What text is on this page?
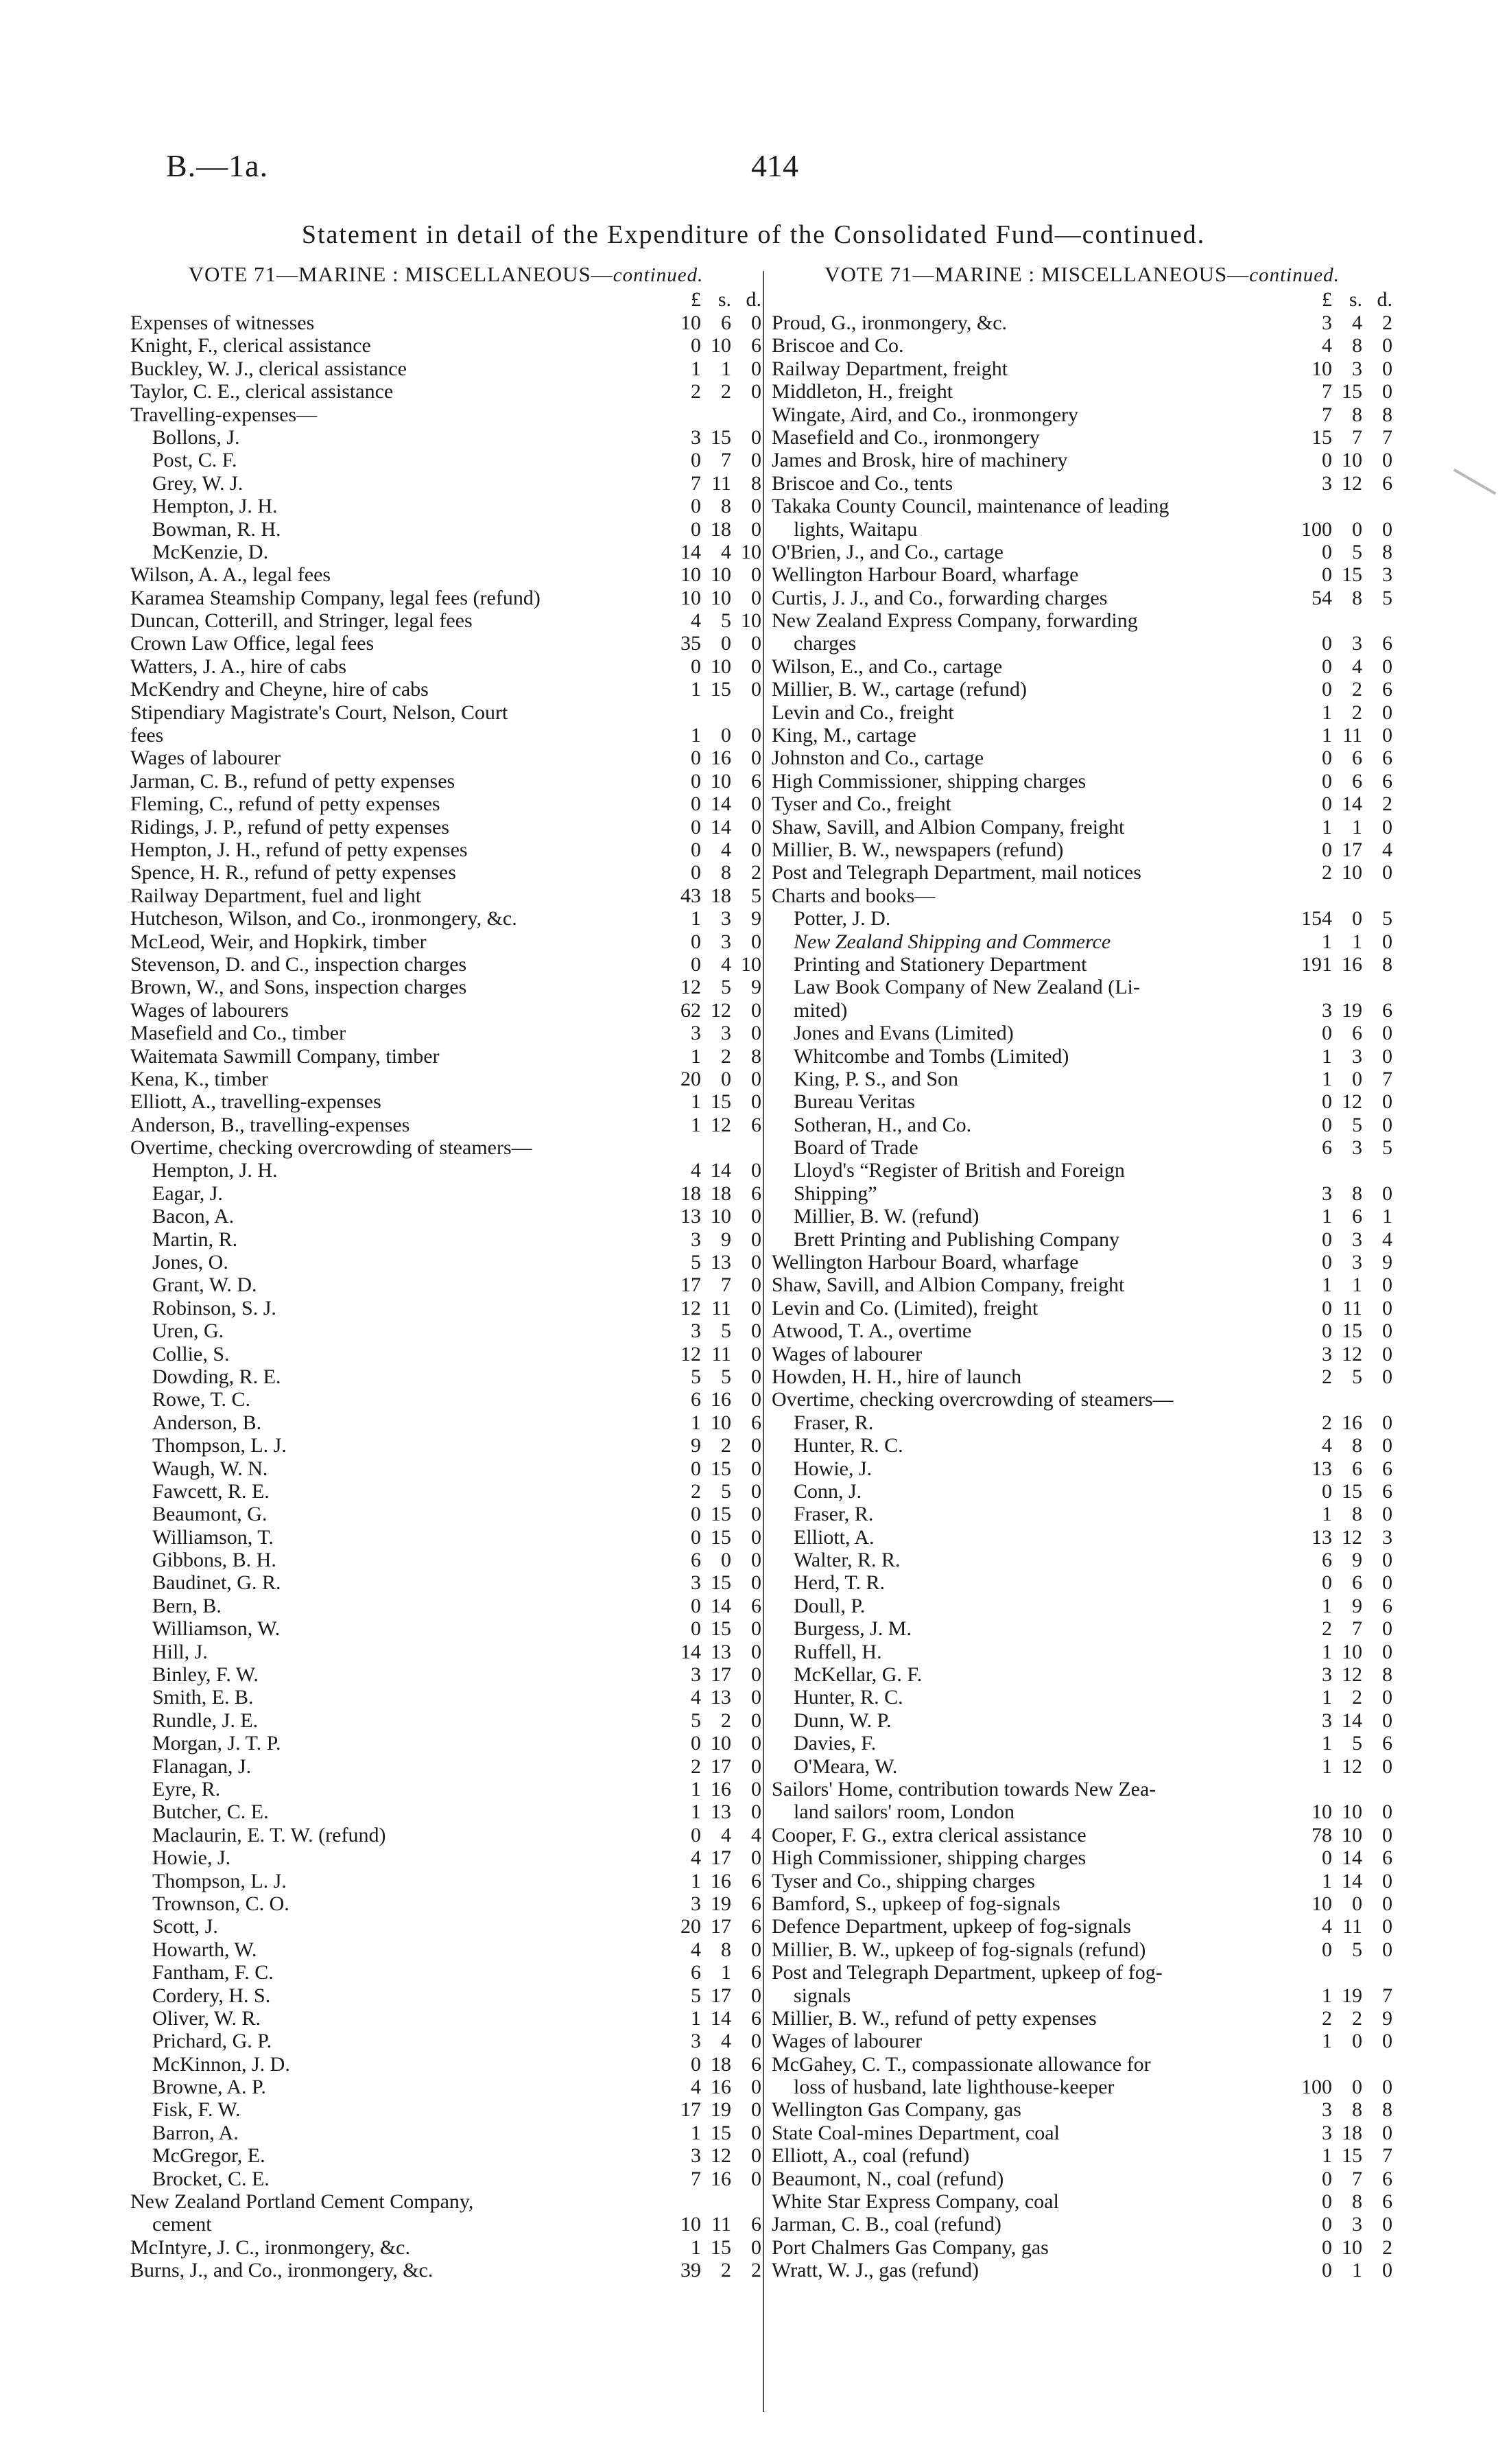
B.—1a.	414
Statement in detail of the Expenditure of the Consolidated Fund—continued.
VOTE 71—MARINE : MISCELLANEOUS—continued.
£ s. d.
Expenses of witnesses	10 6 0
Knight, F., clerical assistance	0 10 6
Buckley, W. J., clerical assistance	1 1 0
Taylor, C. E., clerical assistance	2 2 0
Travelling-expenses—
Bollons, J.	3 15 0
Post, C. F.	0 7 0
Grey, W. J.	7 11 8
Hempton, J. H.	0 8 0
Bowman, R. H.	0 18 0
McKenzie, D.	14 4 10
Wilson, A. A., legal fees	10 10 0
Karamea Steamship Company, legal fees (refund)	10 10 0
Duncan, Cotterill, and Stringer, legal fees	4 5 10
Crown Law Office, legal fees	35 0 0
Watters, J. A., hire of cabs	0 10 0
McKendry and Cheyne, hire of cabs	1 15 0
Stipendiary Magistrate's Court, Nelson, Court
fees	1 0 0
Wages of labourer	0 16 0
Jarman, C. B., refund of petty expenses	0 10 6
Fleming, C., refund of petty expenses	0 14 0
Ridings, J. P., refund of petty expenses	0 14 0
Hempton, J. H., refund of petty expenses	0 4 0
Spence, H. R., refund of petty expenses	0 8 2
Railway Department, fuel and light	43 18 5
Hutcheson, Wilson, and Co., ironmongery, &c.	1 3 9
McLeod, Weir, and Hopkirk, timber	0 3 0
Stevenson, D. and C., inspection charges	0 4 10
Brown, W., and Sons, inspection charges	12 5 9
Wages of labourers	62 12 0
Masefield and Co., timber	3 3 0
Waitemata Sawmill Company, timber	1 2 8
Kena, K., timber	20 0 0
Elliott, A., travelling-expenses	1 15 0
Anderson, B., travelling-expenses	1 12 6
Overtime, checking overcrowding of steamers—
Hempton, J. H.	4 14 0
Eagar, J.	18 18 6
Bacon, A.	13 10 0
Martin, R.	3 9 0
Jones, O.	5 13 0
Grant, W. D.	17 7 0
Robinson, S. J.	12 11 0
Uren, G.	3 5 0
Collie, S.	12 11 0
Dowding, R. E.	5 5 0
Rowe, T. C.	6 16 0
Anderson, B.	1 10 6
Thompson, L. J.	9 2 0
Waugh, W. N.	0 15 0
Fawcett, R. E.	2 5 0
Beaumont, G.	0 15 0
Williamson, T.	0 15 0
Gibbons, B. H.	6 0 0
Baudinet, G. R.	3 15 0
Bern, B.	0 14 6
Williamson, W.	0 15 0
Hill, J.	14 13 0
Binley, F. W.	3 17 0
Smith, E. B.	4 13 0
Rundle, J. E.	5 2 0
Morgan, J. T. P.	0 10 0
Flanagan, J.	2 17 0
Eyre, R.	1 16 0
Butcher, C. E.	1 13 0
Maclaurin, E. T. W. (refund)	0 4 4
Howie, J.	4 17 0
Thompson, L. J.	1 16 6
Trownson, C. O.	3 19 6
Scott, J.	20 17 6
Howarth, W.	4 8 0
Fantham, F. C.	6 1 6
Cordery, H. S.	5 17 0
Oliver, W. R.	1 14 6
Prichard, G. P.	3 4 0
McKinnon, J. D.	0 18 6
Browne, A. P.	4 16 0
Fisk, F. W.	17 19 0
Barron, A.	1 15 0
McGregor, E.	3 12 0
Brocket, C. E.	7 16 0
New Zealand Portland Cement Company,
cement	10 11 6
McIntyre, J. C., ironmongery, &c.	1 15 0
Burns, J., and Co., ironmongery, &c.	39 2 2
VOTE 71—MARINE : MISCELLANEOUS—continued.
£ s. d.
Proud, G., ironmongery, &c.	3 4 2
Briscoe and Co.	4 8 0
Railway Department, freight	10 3 0
Middleton, H., freight	7 15 0
Wingate, Aird, and Co., ironmongery	7 8 8
Masefield and Co., ironmongery	15 7 7
James and Brosk, hire of machinery	0 10 0
Briscoe and Co., tents	3 12 6
Takaka County Council, maintenance of leading
lights, Waitapu	100 0 0
O'Brien, J., and Co., cartage	0 5 8
Wellington Harbour Board, wharfage	0 15 3
Curtis, J. J., and Co., forwarding charges	54 8 5
New Zealand Express Company, forwarding
charges	0 3 6
Wilson, E., and Co., cartage	0 4 0
Millier, B. W., cartage (refund)	0 2 6
Levin and Co., freight	1 2 0
King, M., cartage	1 11 0
Johnston and Co., cartage	0 6 6
High Commissioner, shipping charges	0 6 6
Tyser and Co., freight	0 14 2
Shaw, Savill, and Albion Company, freight	1 1 0
Millier, B. W., newspapers (refund)	0 17 4
Post and Telegraph Department, mail notices	2 10 0
Charts and books—
Potter, J. D.	154 0 5
New Zealand Shipping and Commerce	1 1 0
Printing and Stationery Department	191 16 8
Law Book Company of New Zealand (Li-
mited)	3 19 6
Jones and Evans (Limited)	0 6 0
Whitcombe and Tombs (Limited)	1 3 0
King, P. S., and Son	1 0 7
Bureau Veritas	0 12 0
Sotheran, H., and Co.	0 5 0
Board of Trade	6 3 5
Lloyd's “Register of British and Foreign
Shipping”	3 8 0
Millier, B. W. (refund)	1 6 1
Brett Printing and Publishing Company	0 3 4
Wellington Harbour Board, wharfage	0 3 9
Shaw, Savill, and Albion Company, freight	1 1 0
Levin and Co. (Limited), freight	0 11 0
Atwood, T. A., overtime	0 15 0
Wages of labourer	3 12 0
Howden, H. H., hire of launch	2 5 0
Overtime, checking overcrowding of steamers—
Fraser, R.	2 16 0
Hunter, R. C.	4 8 0
Howie, J.	13 6 6
Conn, J.	0 15 6
Fraser, R.	1 8 0
Elliott, A.	13 12 3
Walter, R. R.	6 9 0
Herd, T. R.	0 6 0
Doull, P.	1 9 6
Burgess, J. M.	2 7 0
Ruffell, H.	1 10 0
McKellar, G. F.	3 12 8
Hunter, R. C.	1 2 0
Dunn, W. P.	3 14 0
Davies, F.	1 5 6
O'Meara, W.	1 12 0
Sailors' Home, contribution towards New Zea-
land sailors' room, London	10 10 0
Cooper, F. G., extra clerical assistance	78 10 0
High Commissioner, shipping charges	0 14 6
Tyser and Co., shipping charges	1 14 0
Bamford, S., upkeep of fog-signals	10 0 0
Defence Department, upkeep of fog-signals	4 11 0
Millier, B. W., upkeep of fog-signals (refund)	0 5 0
Post and Telegraph Department, upkeep of fog-
signals	1 19 7
Millier, B. W., refund of petty expenses	2 2 9
Wages of labourer	1 0 0
McGahey, C. T., compassionate allowance for
loss of husband, late lighthouse-keeper	100 0 0
Wellington Gas Company, gas	3 8 8
State Coal-mines Department, coal	3 18 0
Elliott, A., coal (refund)	1 15 7
Beaumont, N., coal (refund)	0 7 6
White Star Express Company, coal	0 8 6
Jarman, C. B., coal (refund)	0 3 0
Port Chalmers Gas Company, gas	0 10 2
Wratt, W. J., gas (refund)	0 1 0
